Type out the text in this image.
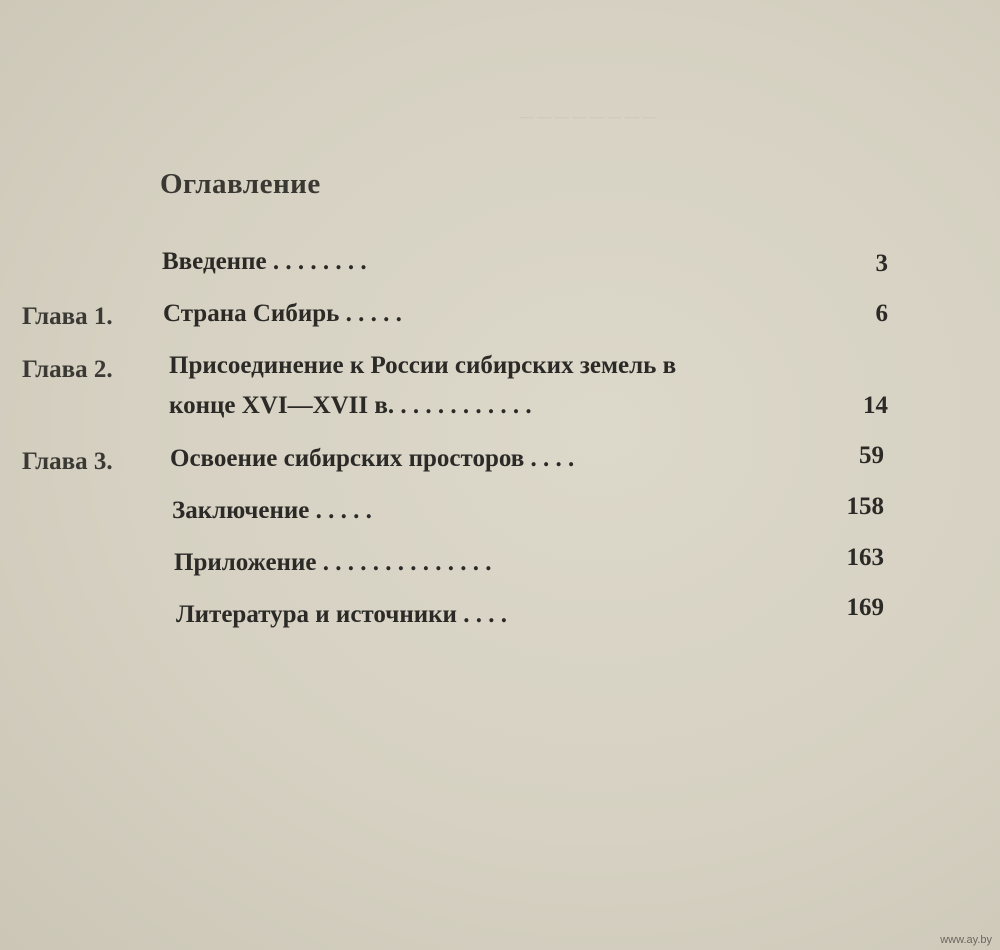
— — — — — — — —
Оглавление
Введенпе . . . . . . . .	3
Глава 1. Страна Сибирь . . . . .	6
Глава 2. Присоединение к России сибирских земель в
конце XVI—XVII в. . . . . . . . . . . .	14
Глава 3. Освоение сибирских просторов . . . .	59
Заключение . . . . .	158
Приложение . . . . . . . . . . . . . .	163
Литература и источники . . . .	169
www.ay.by
